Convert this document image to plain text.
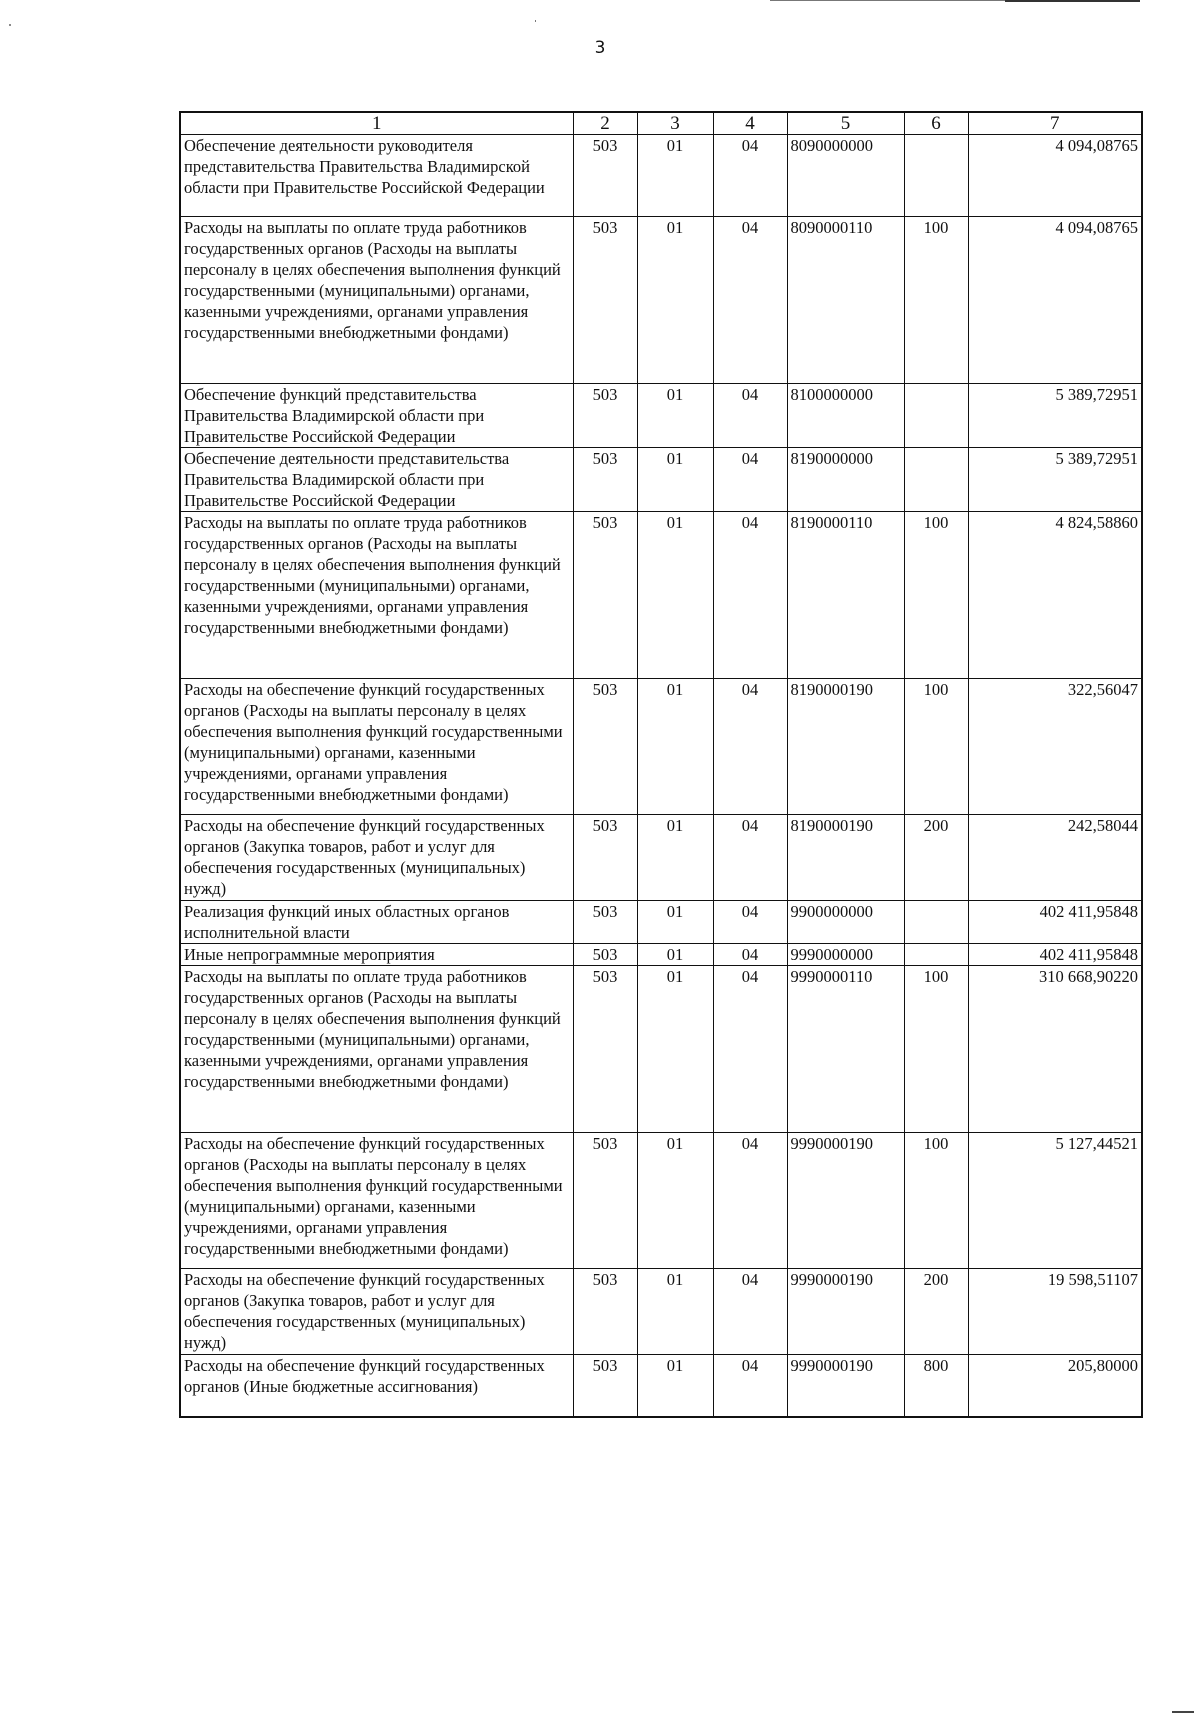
3
1	2	3	4	5	6	7
Обеспечение деятельности руководителя представительства Правительства Владимирской области при Правительстве Российской Федерации	503	01	04	8090000000		4 094,08765
Расходы на выплаты по оплате труда работников государственных органов (Расходы на выплаты персоналу в целях обеспечения выполнения функций государственными (муниципальными) органами, казенными учреждениями, органами управления государственными внебюджетными фондами)	503	01	04	8090000110	100	4 094,08765
Обеспечение функций представительства Правительства Владимирской области при Правительстве Российской Федерации	503	01	04	8100000000		5 389,72951
Обеспечение деятельности представительства Правительства Владимирской области при Правительстве Российской Федерации	503	01	04	8190000000		5 389,72951
Расходы на выплаты по оплате труда работников государственных органов (Расходы на выплаты персоналу в целях обеспечения выполнения функций государственными (муниципальными) органами, казенными учреждениями, органами управления государственными внебюджетными фондами)	503	01	04	8190000110	100	4 824,58860
Расходы на обеспечение функций государственных органов (Расходы на выплаты персоналу в целях обеспечения выполнения функций государственными (муниципальными) органами, казенными учреждениями, органами управления государственными внебюджетными фондами)	503	01	04	8190000190	100	322,56047
Расходы на обеспечение функций государственных органов (Закупка товаров, работ и услуг для обеспечения государственных (муниципальных) нужд)	503	01	04	8190000190	200	242,58044
Реализация функций иных областных органов исполнительной власти	503	01	04	9900000000		402 411,95848
Иные непрограммные мероприятия	503	01	04	9990000000		402 411,95848
Расходы на выплаты по оплате труда работников государственных органов (Расходы на выплаты персоналу в целях обеспечения выполнения функций государственными (муниципальными) органами, казенными учреждениями, органами управления государственными внебюджетными фондами)	503	01	04	9990000110	100	310 668,90220
Расходы на обеспечение функций государственных органов (Расходы на выплаты персоналу в целях обеспечения выполнения функций государственными (муниципальными) органами, казенными учреждениями, органами управления государственными внебюджетными фондами)	503	01	04	9990000190	100	5 127,44521
Расходы на обеспечение функций государственных органов (Закупка товаров, работ и услуг для обеспечения государственных (муниципальных) нужд)	503	01	04	9990000190	200	19 598,51107
Расходы на обеспечение функций государственных органов (Иные бюджетные ассигнования)	503	01	04	9990000190	800	205,80000
